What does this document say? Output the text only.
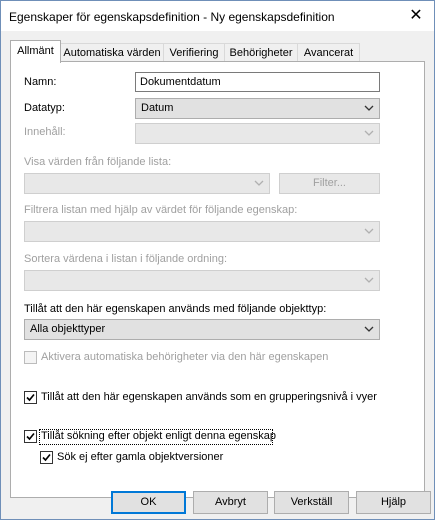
Egenskaper för egenskapsdefinition - Ny egenskapsdefinition	✕
Allmänt Automatiska värden Verifiering	Behörigheter	Avancerat
Namn:	Dokumentdatum
Datatyp:	Datum
Innehåll:
Visa värden från följande lista:
Filter...
Filtrera listan med hjälp av värdet för följande egenskap:
Sortera värdena i listan i följande ordning:
Tillåt att den här egenskapen används med följande objekttyp:
Alla objekttyper
Aktivera automatiska behörigheter via den här egenskapen
Tillåt att den här egenskapen används som en grupperingsnivå i vyer
Tillåt sökning efter objekt enligt denna egenskap
Sök ej efter gamla objektversioner
OK	Avbryt	Verkställ	Hjälp
